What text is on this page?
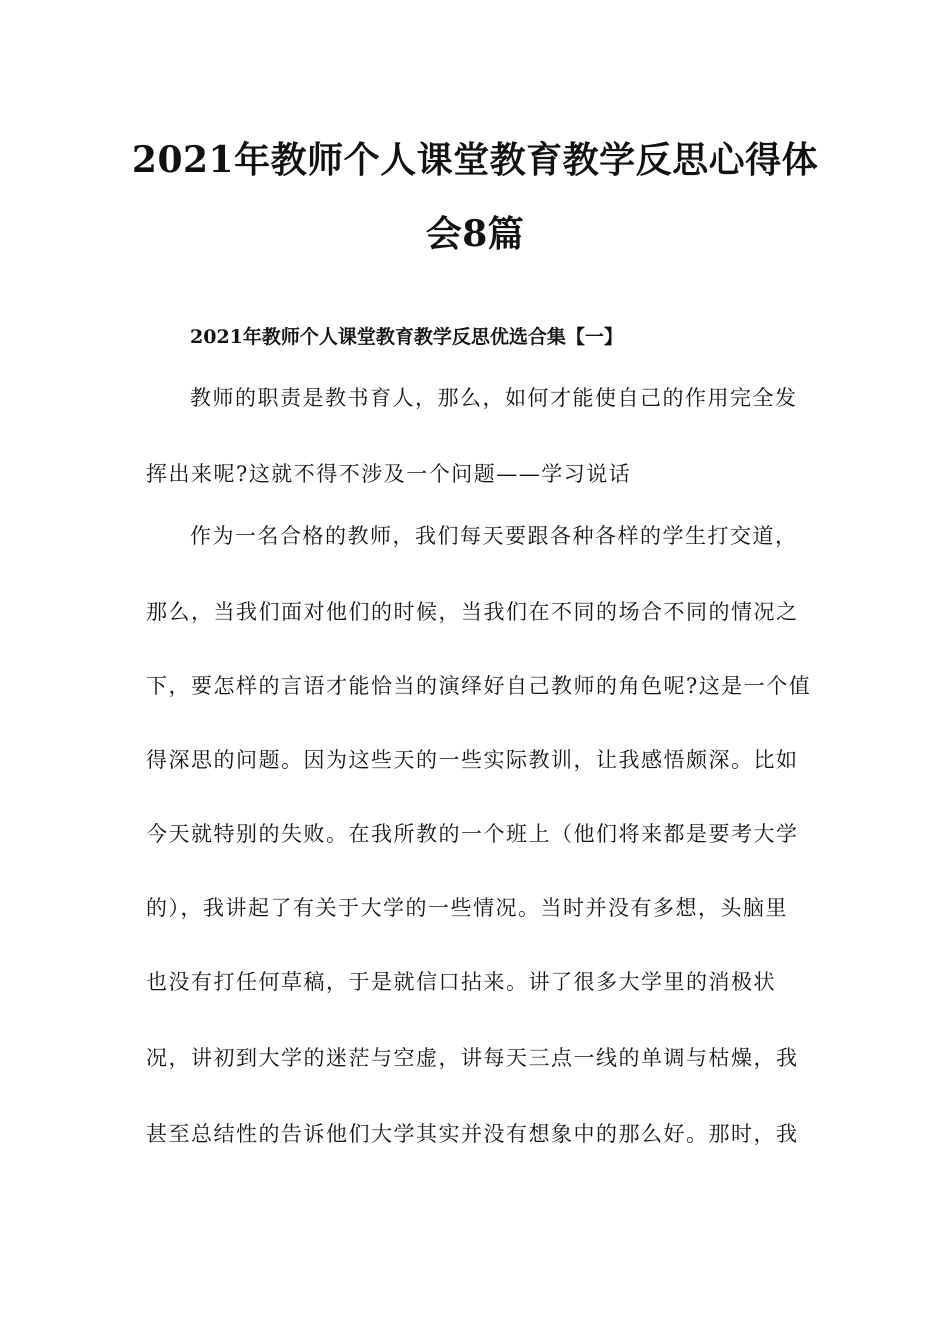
2021年教师个人课堂教育教学反思心得体
会8篇
2021年教师个人课堂教育教学反思优选合集【一】
教师的职责是教书育人，那么，如何才能使自己的作用完全发
挥出来呢?这就不得不涉及一个问题——学习说话
作为一名合格的教师，我们每天要跟各种各样的学生打交道，
那么，当我们面对他们的时候，当我们在不同的场合不同的情况之
下，要怎样的言语才能恰当的演绎好自己教师的角色呢?这是一个值
得深思的问题。因为这些天的一些实际教训，让我感悟颇深。比如
今天就特别的失败。在我所教的一个班上（他们将来都是要考大学
的），我讲起了有关于大学的一些情况。当时并没有多想，头脑里
也没有打任何草稿，于是就信口拈来。讲了很多大学里的消极状
况，讲初到大学的迷茫与空虚，讲每天三点一线的单调与枯燥，我
甚至总结性的告诉他们大学其实并没有想象中的那么好。那时，我
